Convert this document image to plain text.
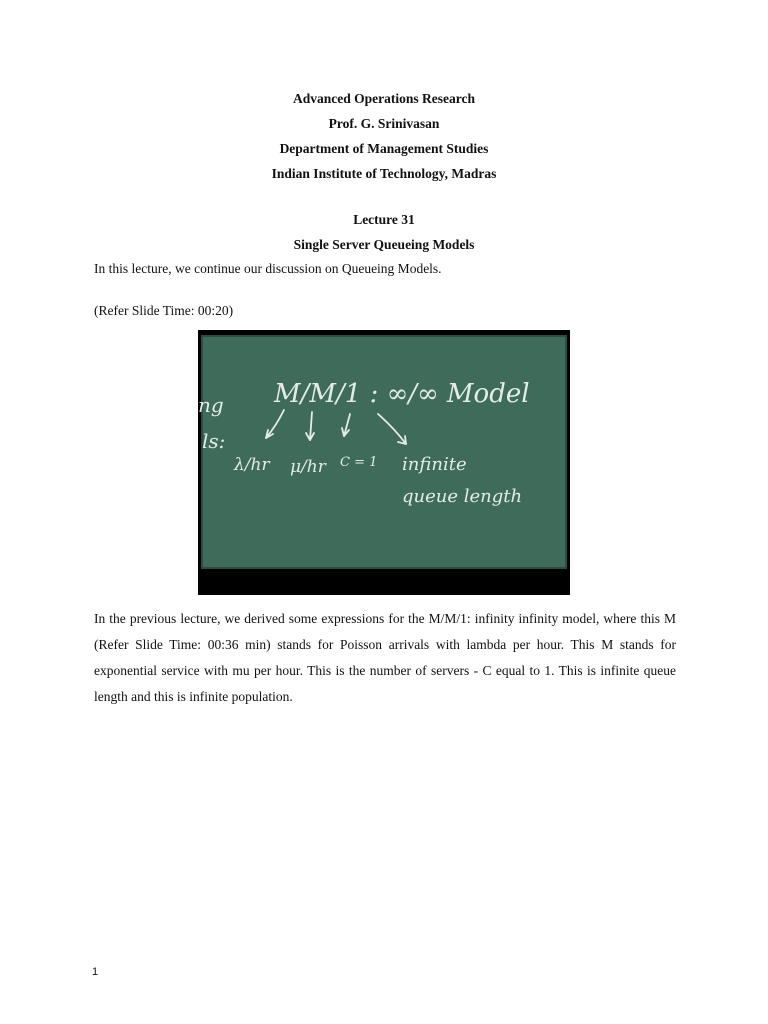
Advanced Operations Research
Prof. G. Srinivasan
Department of Management Studies
Indian Institute of Technology, Madras
Lecture 31
Single Server Queueing Models

In this lecture, we continue our discussion on Queueing Models.

(Refer Slide Time: 00:20)

M/M/1 : ∞/∞ Model
ng
ls:
λ/hr μ/hr C = 1 infinite
queue length

In the previous lecture, we derived some expressions for the M/M/1: infinity infinity model, where this M (Refer Slide Time: 00:36 min) stands for Poisson arrivals with lambda per hour. This M stands for exponential service with mu per hour. This is the number of servers - C equal to 1. This is infinite queue length and this is infinite population.

1
